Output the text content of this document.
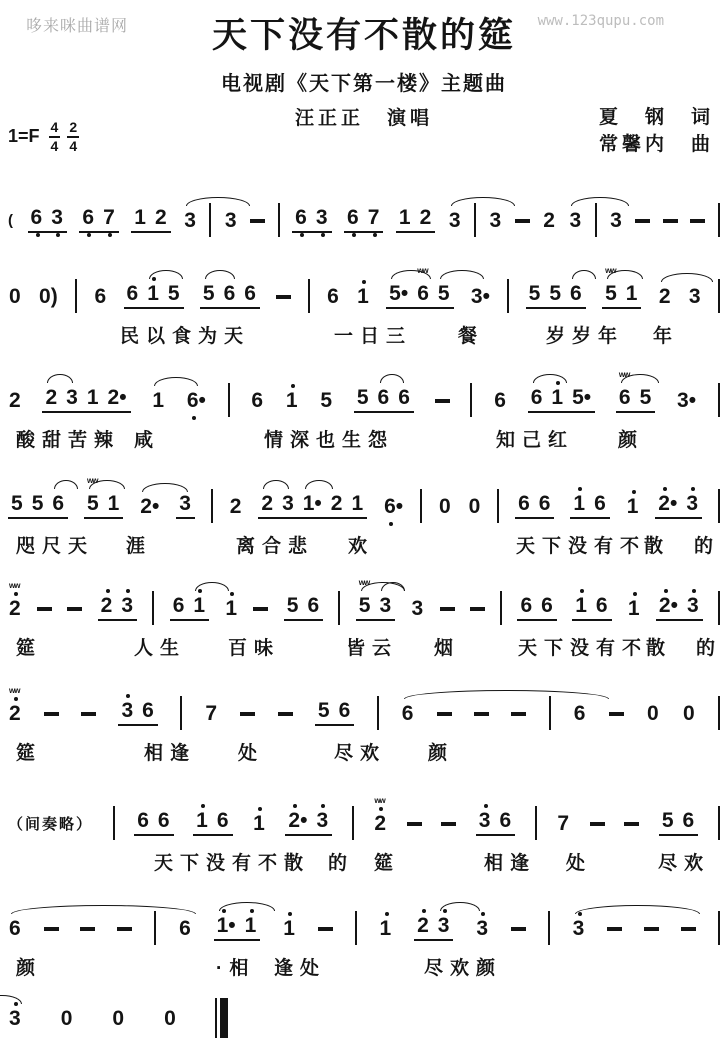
哆来咪曲谱网	www.123qupu.com
天下没有不散的筵
电视剧《天下第一楼》主题曲
汪正正　演唱	夏　钢　词
常馨内　曲
$1=F \frac{4}{4} \frac{2}{4}$
( 6 3 6 7 1 2 3 3	6 3 6 7 1 2 3 3 2 3 3
0 0) 6 6 1 5 5 6 6	6 1 5• 6
ww
5 3• 5 5 6 5
ww
1 2 3
民以食为天	一日三 餐	岁岁年 年
2 2 3 1 2• 1 6• 6 1 5 5 6 6	6 6 1 5• 6
ww
5 3•
酸甜苦辣 咸	情深也生怨	知己红 颜
5 5 6 5
ww
1 2• 3 2 2 3 1• 2 1 6• 0 0 6 6 1 6 1 2• 3
咫尺天 涯	离合悲 欢	天下没有不
散 的
2
ww
2 3 6 1 1 5 6 5
ww
3 3	6 6 1 6 1 2• 3
筵	人生 百味	皆云 烟	天下没有不
散 的
2
ww
3 6 7	5 6 6	6	0 0
筵	相逢 处	尽欢 颜
（间奏略） 6 6 1 6 1 2• 3 2
ww
3 6 7	5 6
天下没有不 散 的 筵	相逢 处	尽欢
6	6 1• 1 1	1 2 3 3	3
颜	·相 逢处	尽欢颜
3 0 0 0
